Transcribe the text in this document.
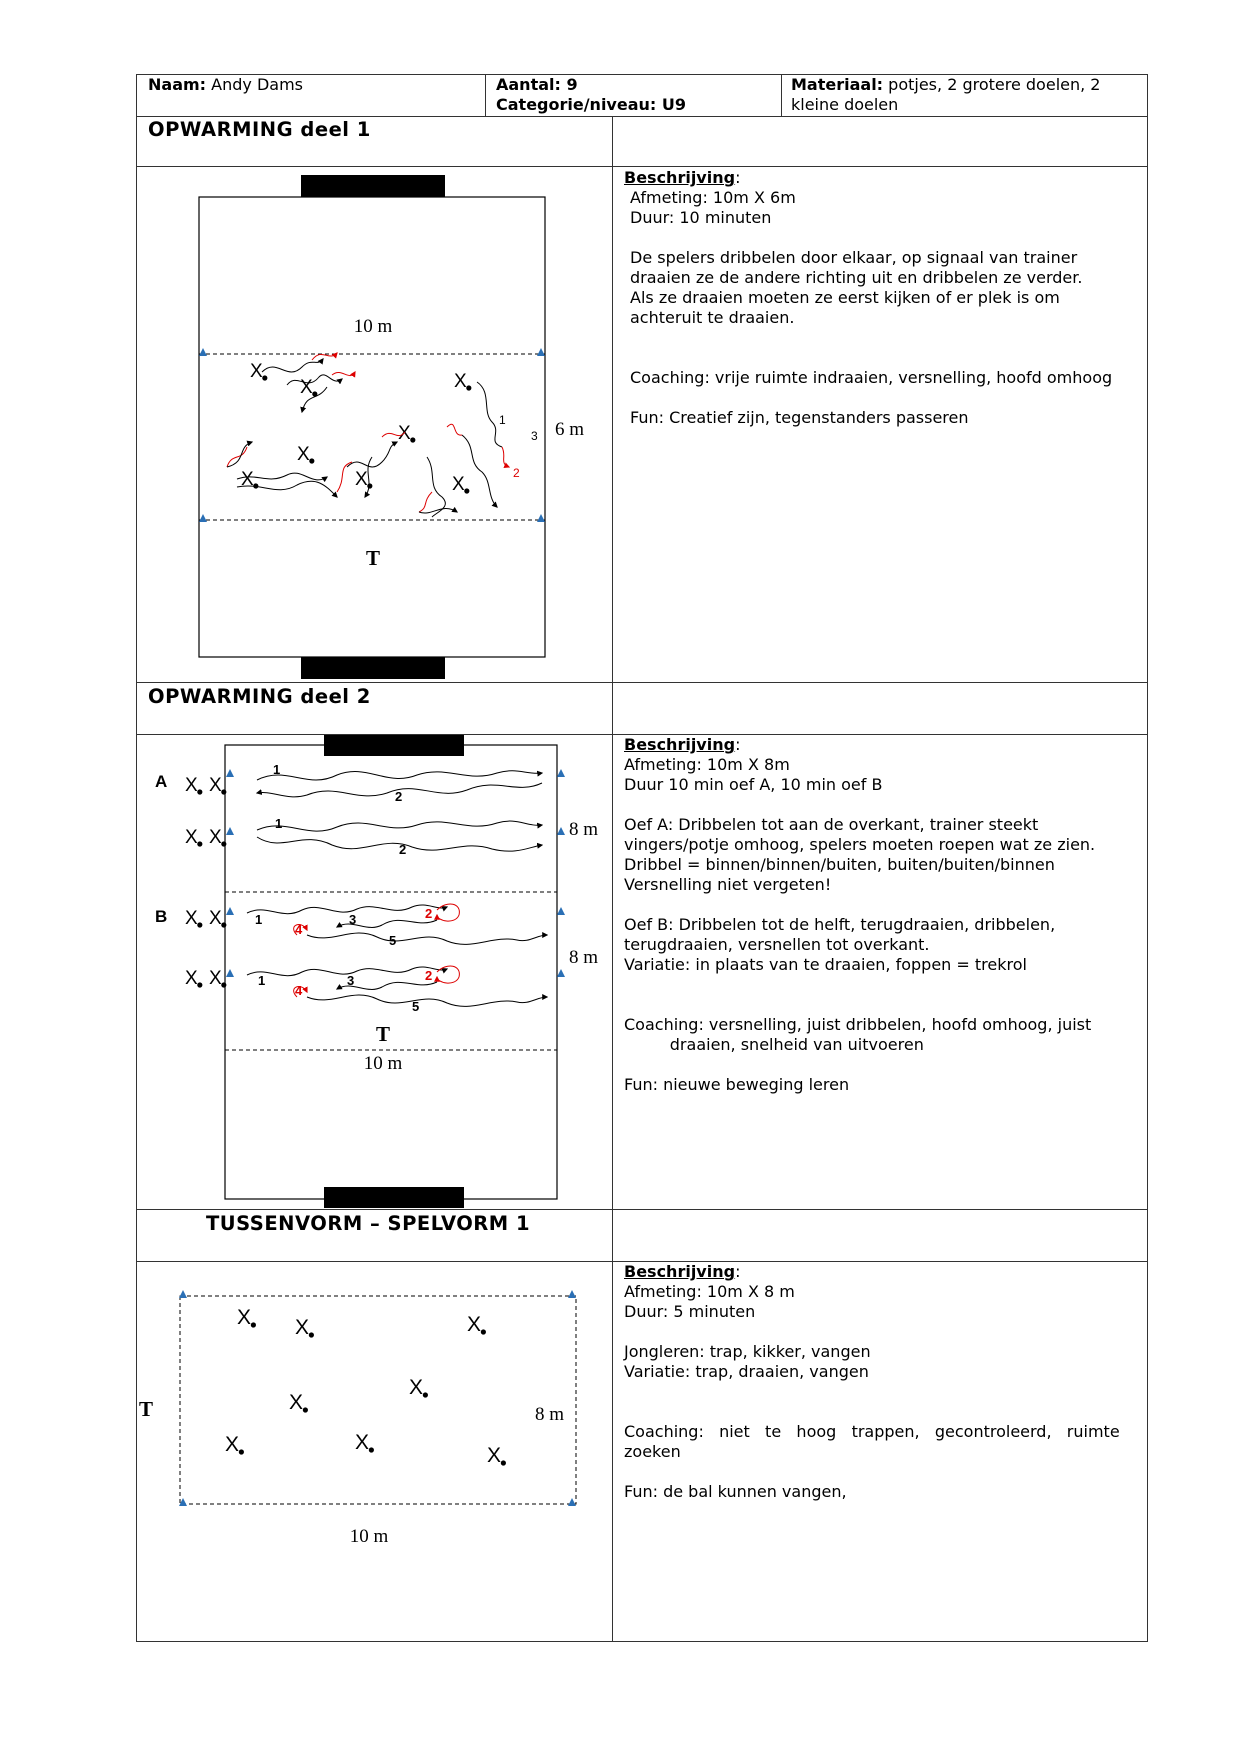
Naam: Andy Dams	Aantal: 9
Categorie/niveau: U9
Materiaal: potjes, 2 grotere doelen, 2
kleine doelen
OPWARMING deel 1
OPWARMING deel 2
TUSSENVORM – SPELVORM 1

Beschrijving:

Afmeting: 10m X 6m

Duur: 10 minuten

De spelers dribbelen door elkaar, op signaal van trainer

draaien ze de andere richting uit en dribbelen ze verder.

Als ze draaien moeten ze eerst kijken of er plek is om

achteruit te draaien.

Coaching: vrije ruimte indraaien, versnelling, hoofd omhoog

Fun: Creatief zijn, tegenstanders passeren

Beschrijving:

Afmeting: 10m X 8m

Duur 10 min oef A, 10 min oef B

Oef A: Dribbelen tot aan de overkant, trainer steekt

vingers/potje omhoog, spelers moeten roepen wat ze zien.

Dribbel = binnen/binnen/buiten, buiten/buiten/binnen

Versnelling niet vergeten!

Oef B: Dribbelen tot de helft, terugdraaien, dribbelen,

terugdraaien, versnellen tot overkant.

Variatie: in plaats van te draaien, foppen = trekrol

Coaching: versnelling, juist dribbelen, hoofd omhoog, juist

draaien, snelheid van uitvoeren

Fun: nieuwe beweging leren

Beschrijving:

Afmeting: 10m X 8 m

Duur: 5 minuten

Jongleren: trap, kikker, vangen

Variatie: trap, draaien, vangen

Coaching:   niet   te   hoog   trappen,   gecontroleerd,   ruimte

zoeken

Fun: de bal kunnen vangen,

10 m
6 m
T
X
X	X
X
X
X	X	X
1
3
2
A
B
8 m
8 m
T
10 m
X X
X X
X X
X X
1
2
1
2
1	3	2
4
5
1	3	2
4
5
T	8 m
10 m
X X	X
X
X
X	X
X
